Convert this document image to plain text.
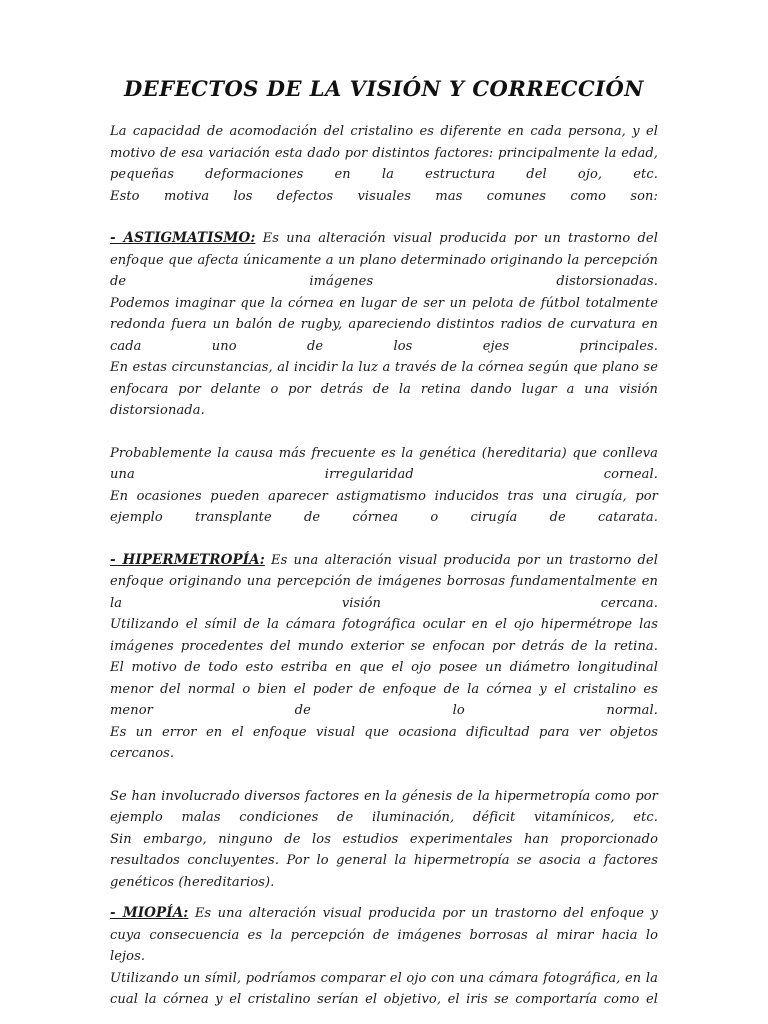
DEFECTOS DE LA VISIÓN Y CORRECCIÓN

La capacidad de acomodación del cristalino es diferente en cada persona, y el
motivo de esa variación esta dado por distintos factores: principalmente la edad,
pequeñas deformaciones en la estructura del ojo, etc.
Esto motiva los defectos visuales mas comunes como son:

- ASTIGMATISMO: Es una alteración visual producida por un trastorno del
enfoque que afecta únicamente a un plano determinado originando la percepción
de imágenes distorsionadas.
Podemos imaginar que la córnea en lugar de ser un pelota de fútbol totalmente
redonda fuera un balón de rugby, apareciendo distintos radios de curvatura en
cada uno de los ejes principales.
En estas circunstancias, al incidir la luz a través de la córnea según que plano se
enfocara por delante o por detrás de la retina dando lugar a una visión
distorsionada.

Probablemente la causa más frecuente es la genética (hereditaria) que conlleva
una irregularidad corneal.
En ocasiones pueden aparecer astigmatismo inducidos tras una cirugía, por
ejemplo transplante de córnea o cirugía de catarata.

- HIPERMETROPÍA: Es una alteración visual producida por un trastorno del
enfoque originando una percepción de imágenes borrosas fundamentalmente en
la visión cercana.
Utilizando el símil de la cámara fotográfica ocular en el ojo hipermétrope las
imágenes procedentes del mundo exterior se enfocan por detrás de la retina.
El motivo de todo esto estriba en que el ojo posee un diámetro longitudinal
menor del normal o bien el poder de enfoque de la córnea y el cristalino es
menor de lo normal.
Es un error en el enfoque visual que ocasiona dificultad para ver objetos
cercanos.

Se han involucrado diversos factores en la génesis de la hipermetropía como por
ejemplo malas condiciones de iluminación, déficit vitamínicos, etc.
Sin embargo, ninguno de los estudios experimentales han proporcionado
resultados concluyentes. Por lo general la hipermetropía se asocia a factores
genéticos (hereditarios).

- MIOPÍA: Es una alteración visual producida por un trastorno del enfoque y
cuya consecuencia es la percepción de imágenes borrosas al mirar hacia lo
lejos.
Utilizando un símil, podríamos comparar el ojo con una cámara fotográfica, en la
cual la córnea y el cristalino serían el objetivo, el iris se comportaría como el
